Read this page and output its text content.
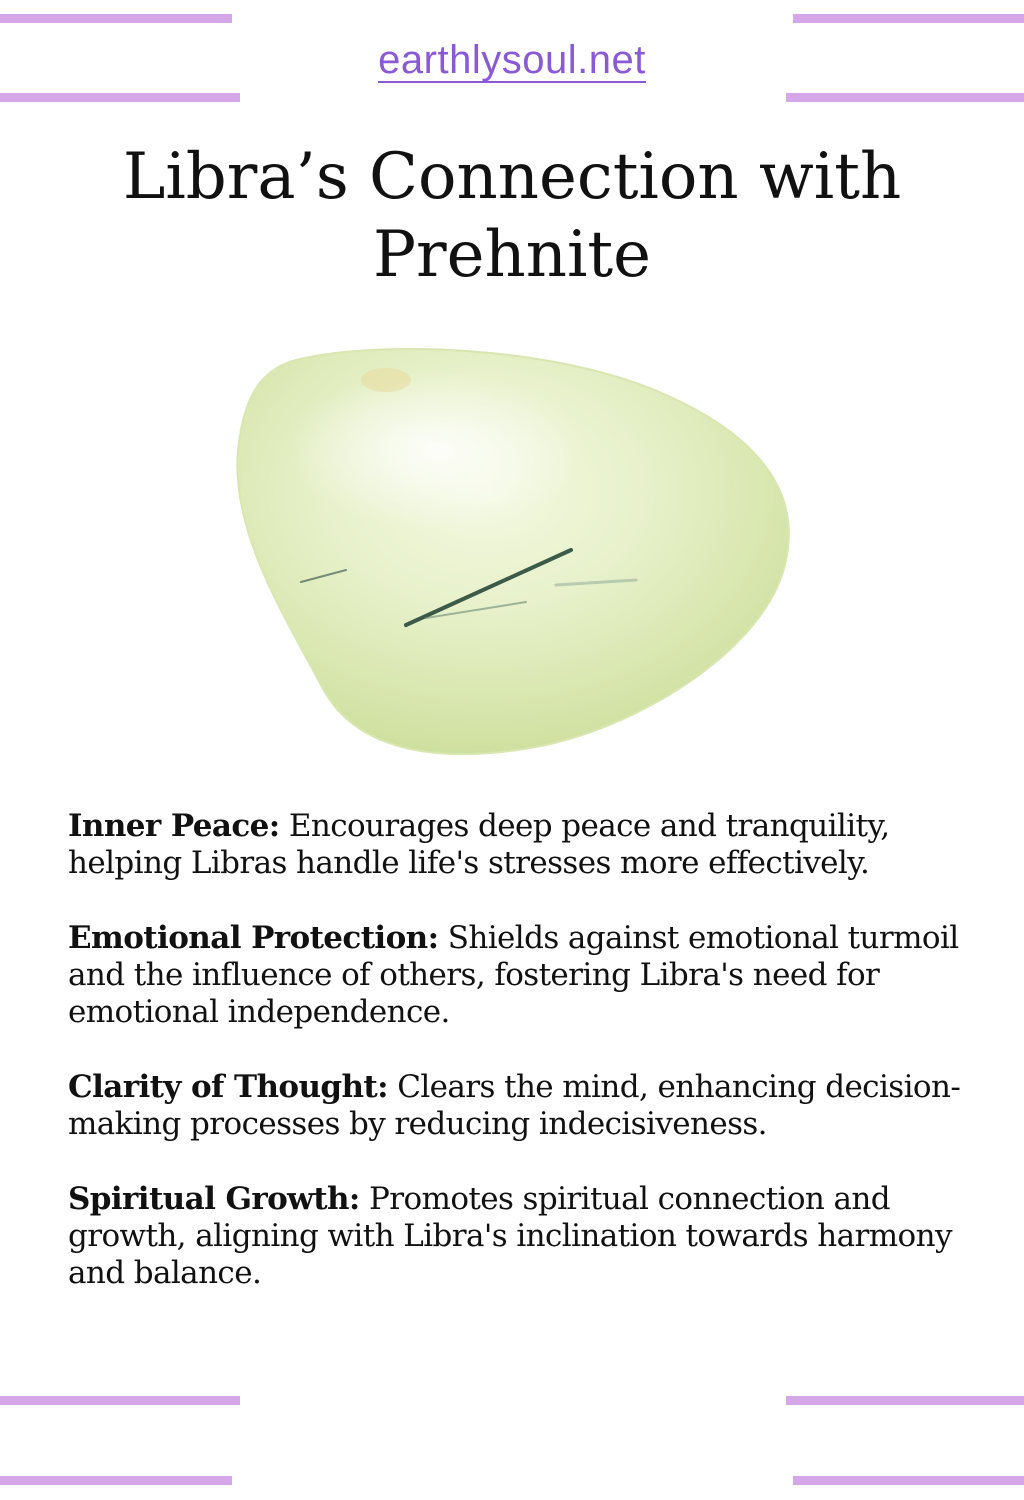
earthlysoul.net
Libra’s Connection with
Prehnite
Inner Peace: Encourages deep peace and tranquility, helping Libras handle life's stresses more effectively.
Emotional Protection: Shields against emotional turmoil and the influence of others, fostering Libra's need for emotional independence.
Clarity of Thought: Clears the mind, enhancing decision-making processes by reducing indecisiveness.
Spiritual Growth: Promotes spiritual connection and growth, aligning with Libra's inclination towards harmony and balance.
